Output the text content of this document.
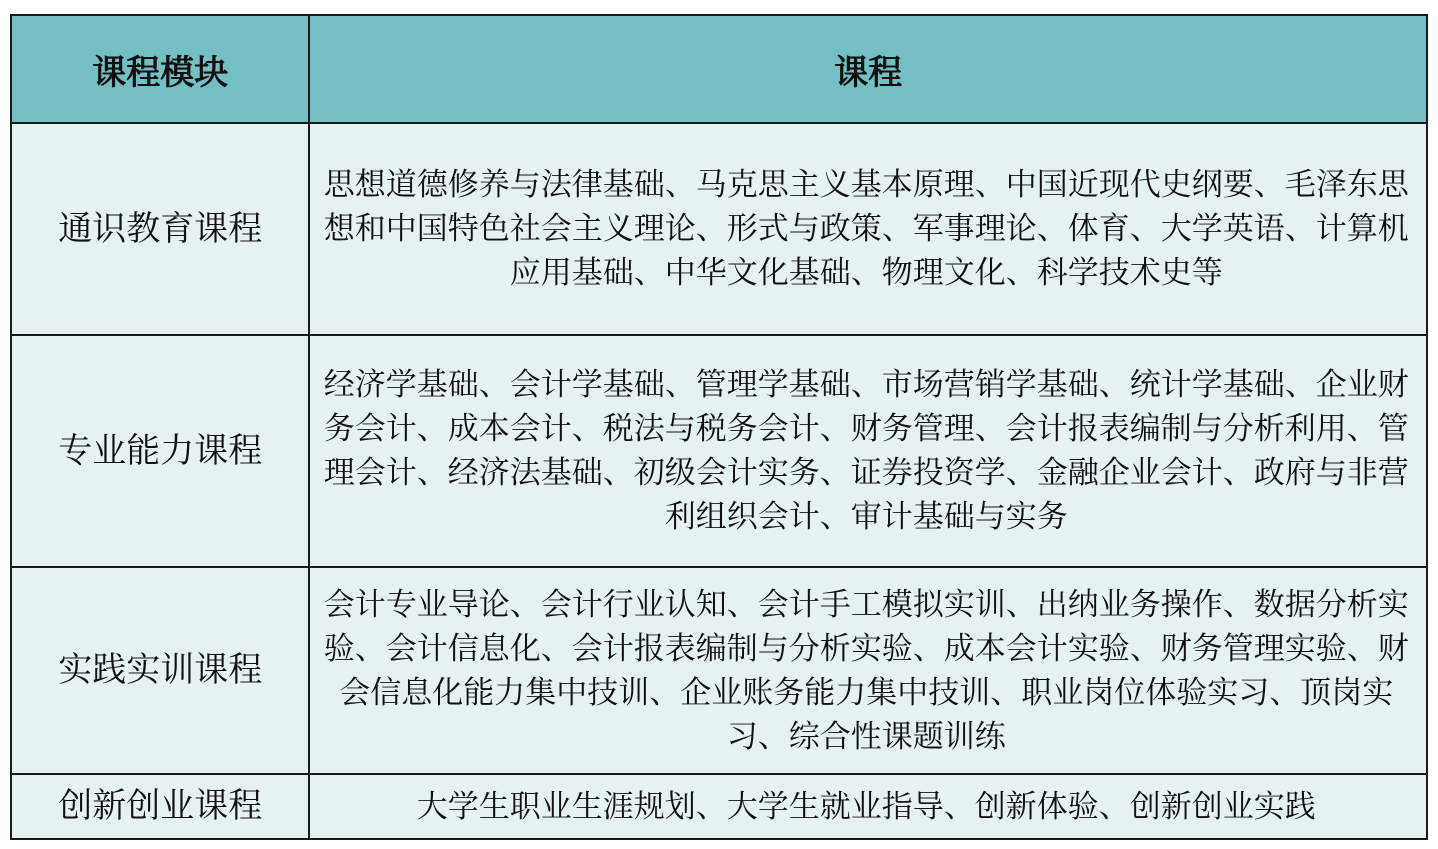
课程模块	课程
通识教育课程	思想道德修养与法律基础、马克思主义基本原理、中国近现代史纲要、毛泽东思想和中国特色社会主义理论、形式与政策、军事理论、体育、大学英语、计算机应用基础、中华文化基础、物理文化、科学技术史等
专业能力课程	经济学基础、会计学基础、管理学基础、市场营销学基础、统计学基础、企业财务会计、成本会计、税法与税务会计、财务管理、会计报表编制与分析利用、管理会计、经济法基础、初级会计实务、证券投资学、金融企业会计、政府与非营利组织会计、审计基础与实务
实践实训课程	会计专业导论、会计行业认知、会计手工模拟实训、出纳业务操作、数据分析实验、会计信息化、会计报表编制与分析实验、成本会计实验、财务管理实验、财会信息化能力集中技训、企业账务能力集中技训、职业岗位体验实习、顶岗实习、综合性课题训练
创新创业课程	大学生职业生涯规划、大学生就业指导、创新体验、创新创业实践
